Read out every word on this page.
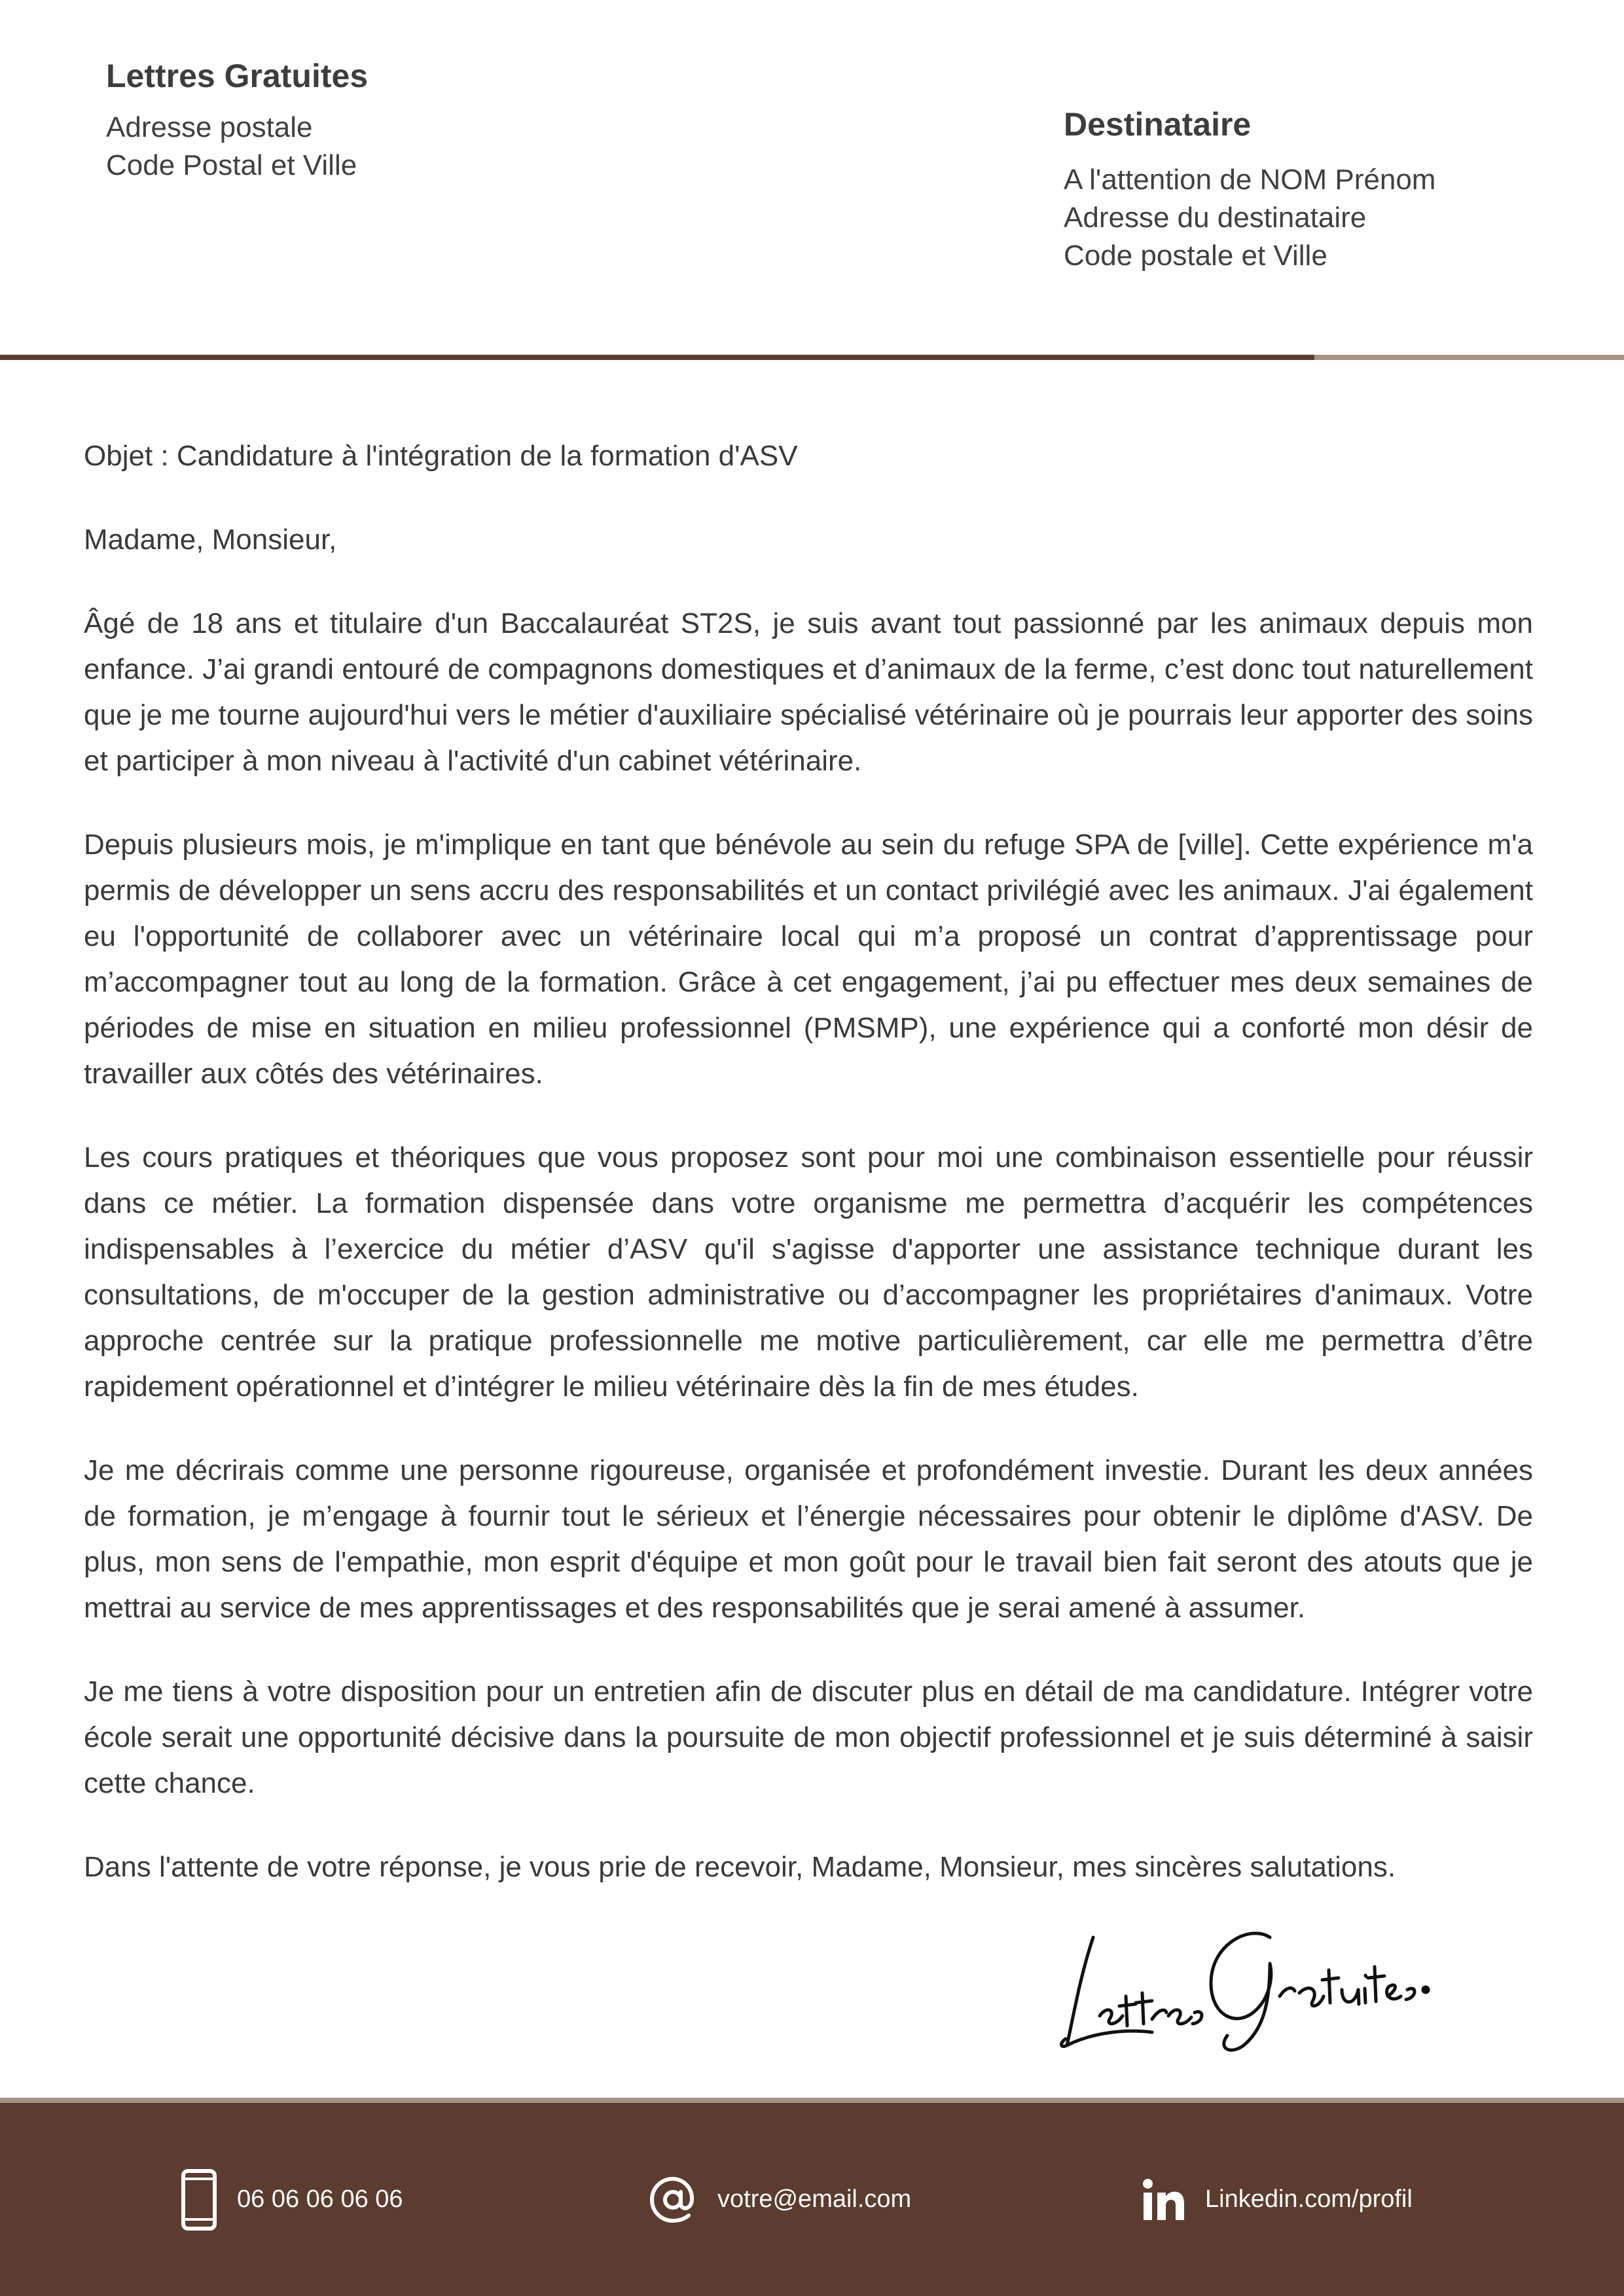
Lettres Gratuites
Adresse postale
Code Postal et Ville
Destinataire
A l'attention de NOM Prénom
Adresse du destinataire
Code postale et Ville

Objet : Candidature à l'intégration de la formation d'ASV

Madame, Monsieur,

Âgé de 18 ans et titulaire d'un Baccalauréat ST2S, je suis avant tout passionné par les animaux depuis mon enfance. J’ai grandi entouré de compagnons domestiques et d’animaux de la ferme, c’est donc tout naturellement que je me tourne aujourd'hui vers le métier d'auxiliaire spécialisé vétérinaire où je pourrais leur apporter des soins et participer à mon niveau à l'activité d'un cabinet vétérinaire.

Depuis plusieurs mois, je m'implique en tant que bénévole au sein du refuge SPA de [ville]. Cette expérience m'a permis de développer un sens accru des responsabilités et un contact privilégié avec les animaux. J'ai également eu l'opportunité de collaborer avec un vétérinaire local qui m’a proposé un contrat d’apprentissage pour m’accompagner tout au long de la formation. Grâce à cet engagement, j’ai pu effectuer mes deux semaines de périodes de mise en situation en milieu professionnel (PMSMP), une expérience qui a conforté mon désir de travailler aux côtés des vétérinaires.

Les cours pratiques et théoriques que vous proposez sont pour moi une combinaison essentielle pour réussir dans ce métier. La formation dispensée dans votre organisme me permettra d’acquérir les compétences indispensables à l’exercice du métier d’ASV qu'il s'agisse d'apporter une assistance technique durant les consultations, de m'occuper de la gestion administrative ou d’accompagner les propriétaires d'animaux. Votre approche centrée sur la pratique professionnelle me motive particulièrement, car elle me permettra d’être rapidement opérationnel et d’intégrer le milieu vétérinaire dès la fin de mes études.

Je me décrirais comme une personne rigoureuse, organisée et profondément investie. Durant les deux années de formation, je m’engage à fournir tout le sérieux et l’énergie nécessaires pour obtenir le diplôme d'ASV. De plus, mon sens de l'empathie, mon esprit d'équipe et mon goût pour le travail bien fait seront des atouts que je mettrai au service de mes apprentissages et des responsabilités que je serai amené à assumer.

Je me tiens à votre disposition pour un entretien afin de discuter plus en détail de ma candidature. Intégrer votre école serait une opportunité décisive dans la poursuite de mon objectif professionnel et je suis déterminé à saisir cette chance.

Dans l'attente de votre réponse, je vous prie de recevoir, Madame, Monsieur, mes sincères salutations.

06 06 06 06 06	votre@email.com	Linkedin.com/profil
